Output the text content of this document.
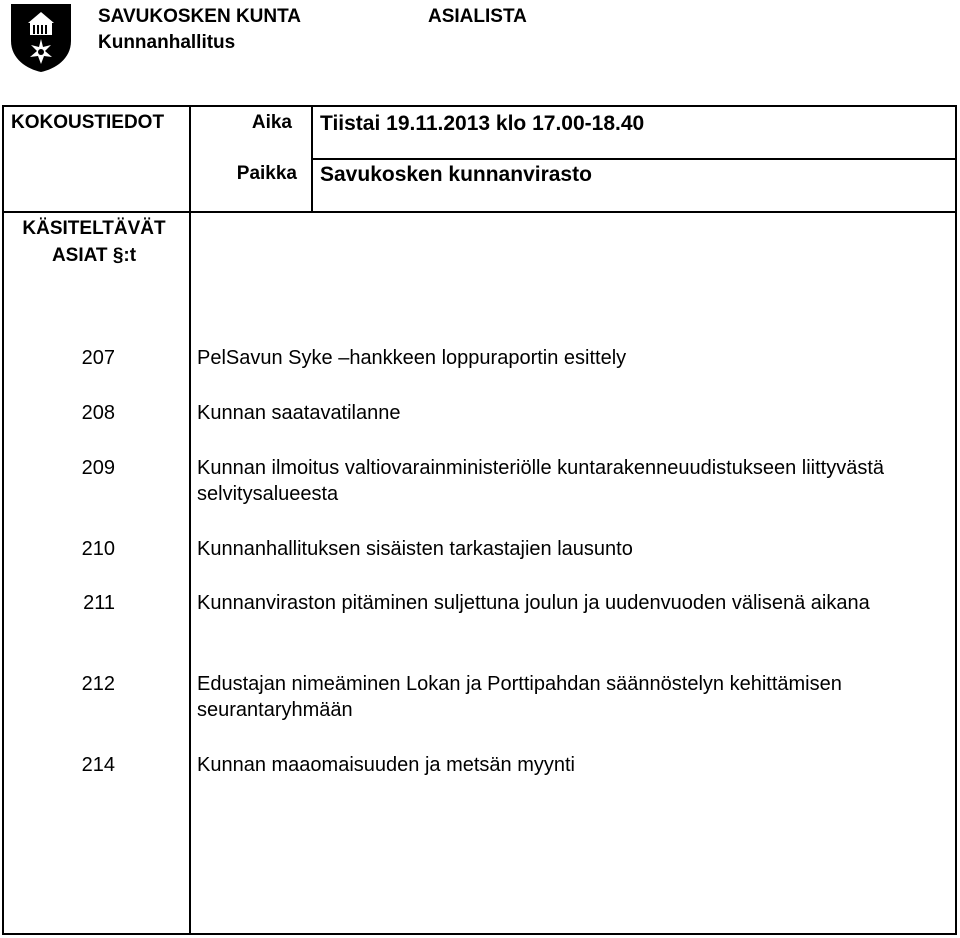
SAVUKOSKEN KUNTA
Kunnanhallitus
ASIALISTA
KOKOUSTIEDOT	Aika Tiistai 19.11.2013 klo 17.00-18.40
Paikka Savukosken kunnanvirasto
KÄSITELTÄVÄT
ASIAT §:t
207	PelSavun Syke –hankkeen loppuraportin esittely
208	Kunnan saatavatilanne
209	Kunnan ilmoitus valtiovarainministeriölle kuntarakenneuudistukseen liittyvästä selvitysalueesta
210	Kunnanhallituksen sisäisten tarkastajien lausunto
211	Kunnanviraston pitäminen suljettuna joulun ja uudenvuoden välisenä aikana
212	Edustajan nimeäminen Lokan ja Porttipahdan säännöstelyn kehittämisen seurantaryhmään
214	Kunnan maaomaisuuden ja metsän myynti
